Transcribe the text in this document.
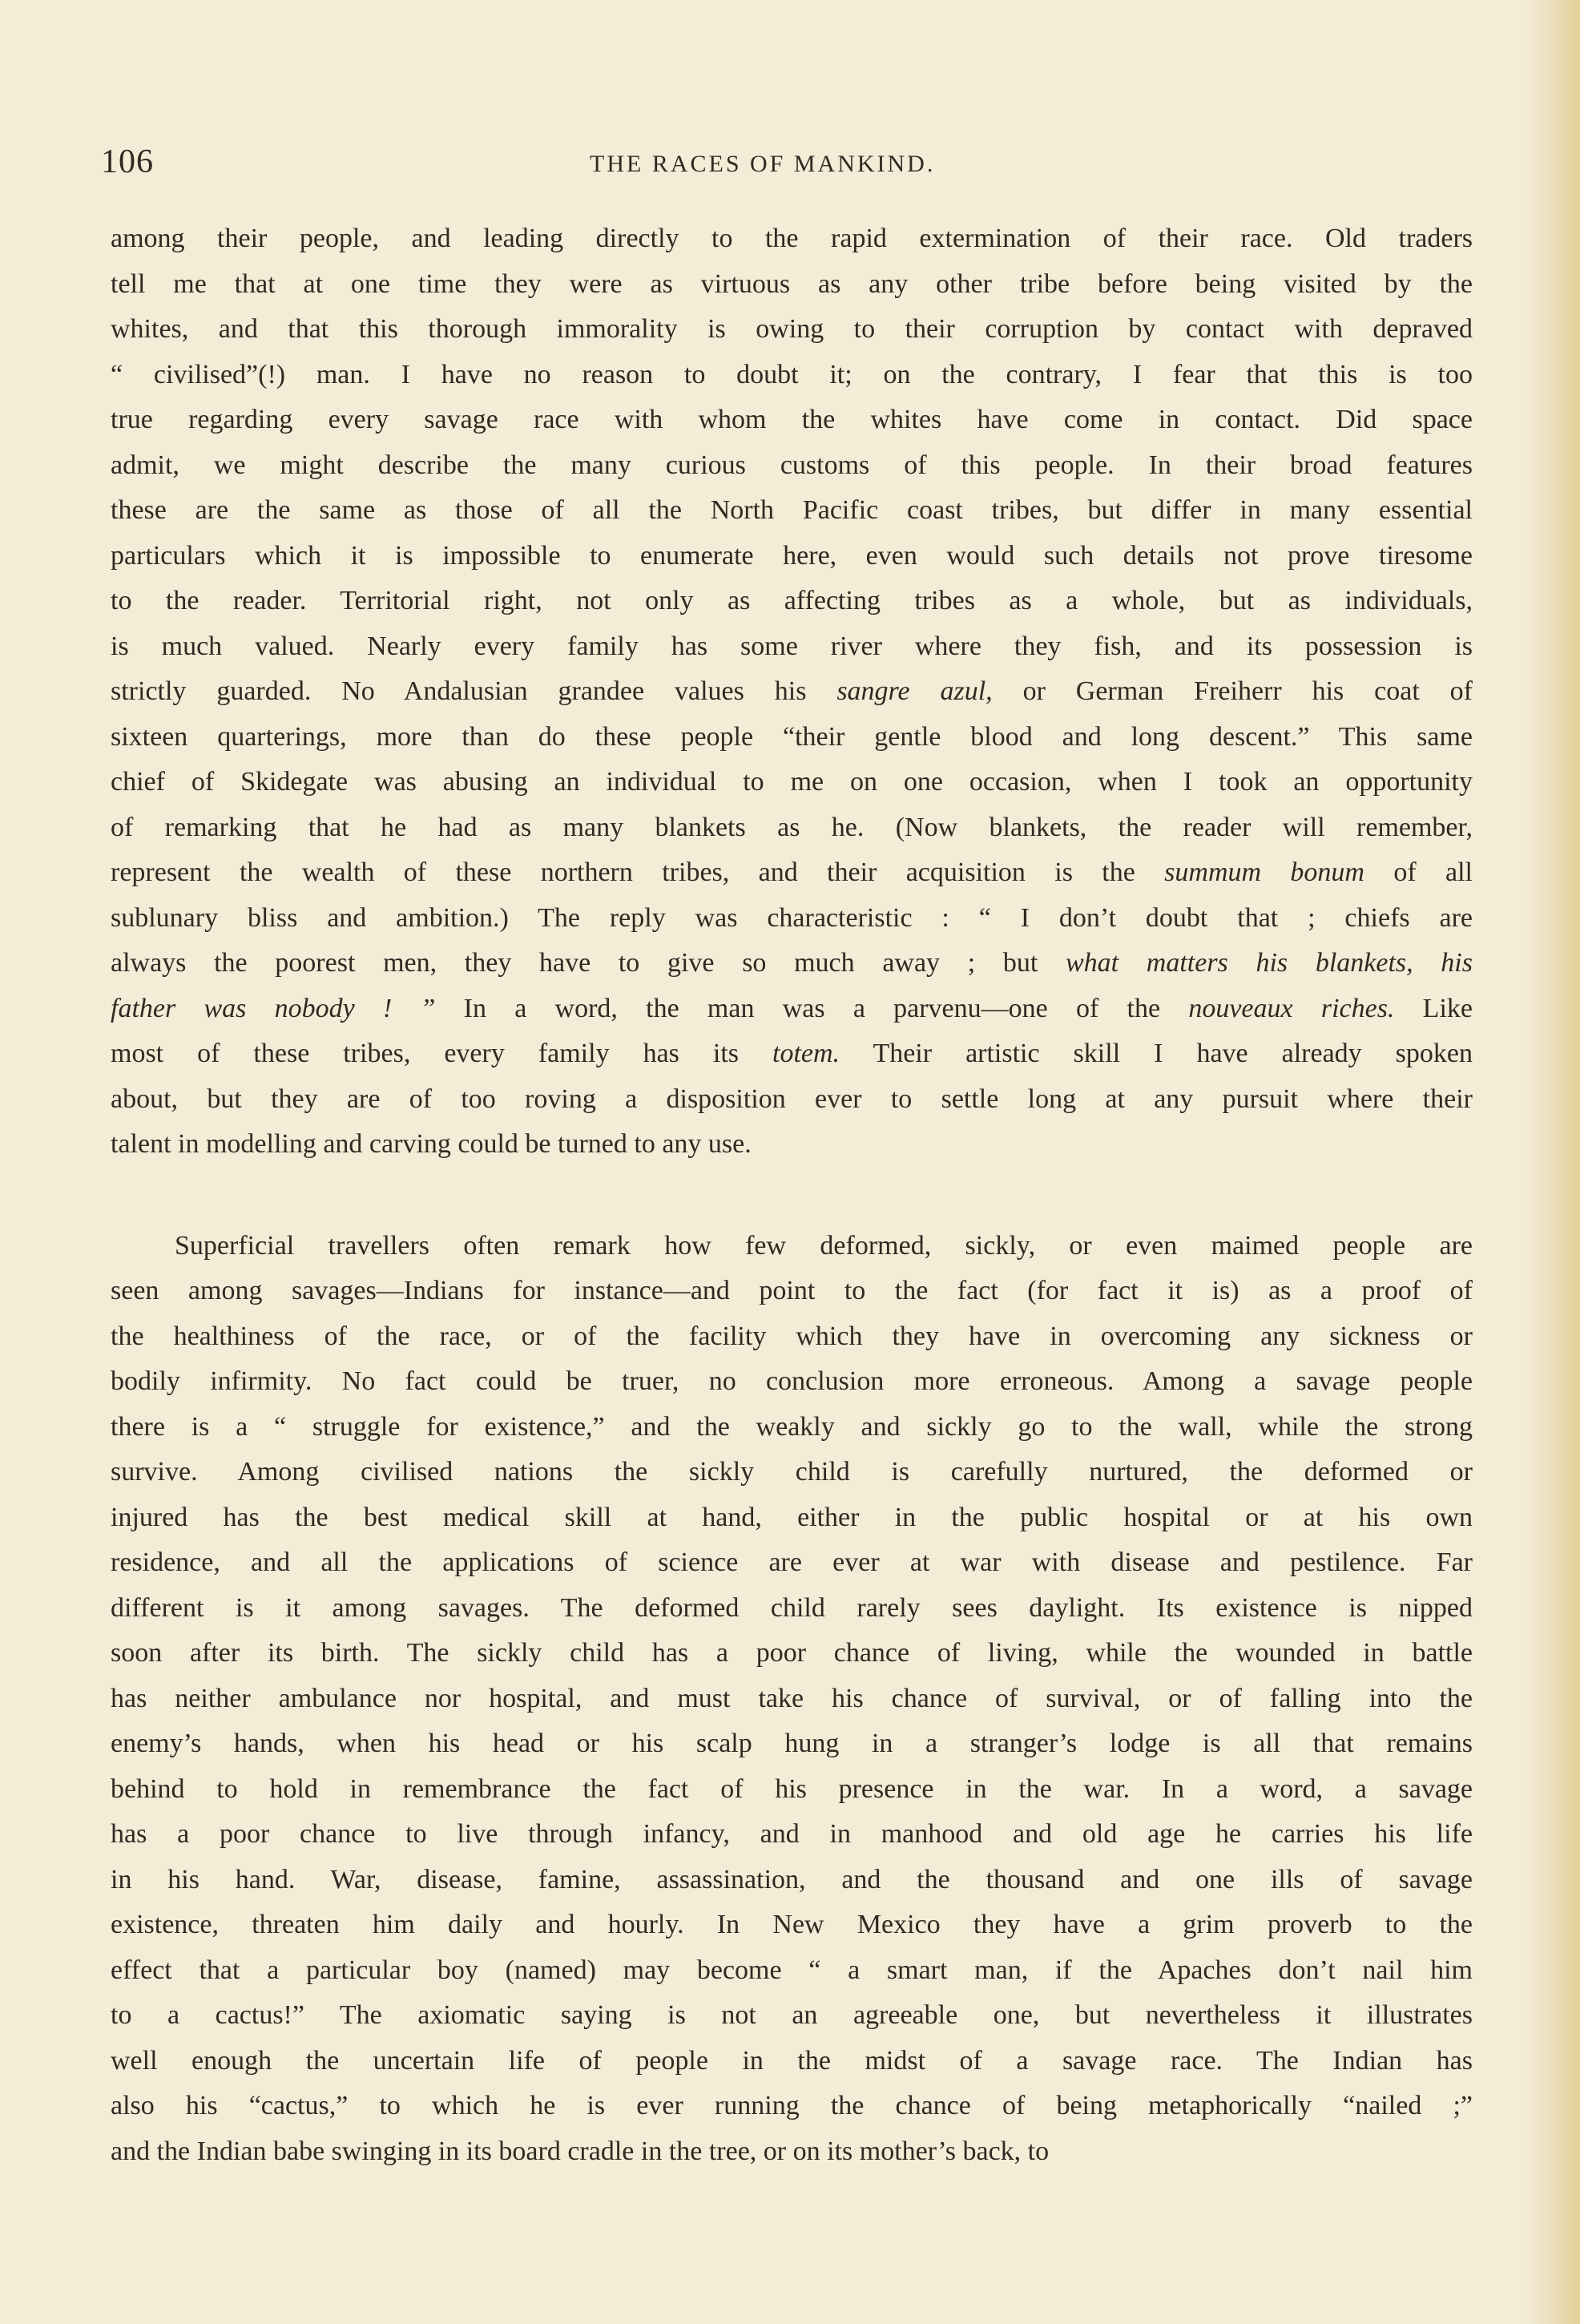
106	THE RACES OF MANKIND.
among their people, and leading directly to the rapid extermination of their race. Old traders
tell me that at one time they were as virtuous as any other tribe before being visited by the
whites, and that this thorough immorality is owing to their corruption by contact with depraved
“ civilised”(!) man. I have no reason to doubt it; on the contrary, I fear that this is too
true regarding every savage race with whom the whites have come in contact. Did space
admit, we might describe the many curious customs of this people. In their broad features
these are the same as those of all the North Pacific coast tribes, but differ in many essential
particulars which it is impossible to enumerate here, even would such details not prove tiresome
to the reader. Territorial right, not only as affecting tribes as a whole, but as individuals,
is much valued. Nearly every family has some river where they fish, and its possession is
strictly guarded. No Andalusian grandee values his sangre azul, or German Freiherr his coat of
sixteen quarterings, more than do these people “their gentle blood and long descent.” This same
chief of Skidegate was abusing an individual to me on one occasion, when I took an opportunity
of remarking that he had as many blankets as he. (Now blankets, the reader will remember,
represent the wealth of these northern tribes, and their acquisition is the summum bonum of all
sublunary bliss and ambition.) The reply was characteristic : “ I don’t doubt that ; chiefs are
always the poorest men, they have to give so much away ; but what matters his blankets, his
father was nobody ! ” In a word, the man was a parvenu—one of the nouveaux riches. Like
most of these tribes, every family has its totem. Their artistic skill I have already spoken
about, but they are of too roving a disposition ever to settle long at any pursuit where their
talent in modelling and carving could be turned to any use.
Superficial travellers often remark how few deformed, sickly, or even maimed people are
seen among savages—Indians for instance—and point to the fact (for fact it is) as a proof of
the healthiness of the race, or of the facility which they have in overcoming any sickness or
bodily infirmity. No fact could be truer, no conclusion more erroneous. Among a savage people
there is a “ struggle for existence,” and the weakly and sickly go to the wall, while the strong
survive. Among civilised nations the sickly child is carefully nurtured, the deformed or
injured has the best medical skill at hand, either in the public hospital or at his own
residence, and all the applications of science are ever at war with disease and pestilence. Far
different is it among savages. The deformed child rarely sees daylight. Its existence is nipped
soon after its birth. The sickly child has a poor chance of living, while the wounded in battle
has neither ambulance nor hospital, and must take his chance of survival, or of falling into the
enemy’s hands, when his head or his scalp hung in a stranger’s lodge is all that remains
behind to hold in remembrance the fact of his presence in the war. In a word, a savage
has a poor chance to live through infancy, and in manhood and old age he carries his life
in his hand. War, disease, famine, assassination, and the thousand and one ills of savage
existence, threaten him daily and hourly. In New Mexico they have a grim proverb to the
effect that a particular boy (named) may become “ a smart man, if the Apaches don’t nail him
to a cactus!” The axiomatic saying is not an agreeable one, but nevertheless it illustrates
well enough the uncertain life of people in the midst of a savage race. The Indian has
also his “cactus,” to which he is ever running the chance of being metaphorically “nailed ;”
and the Indian babe swinging in its board cradle in the tree, or on its mother’s back, to
